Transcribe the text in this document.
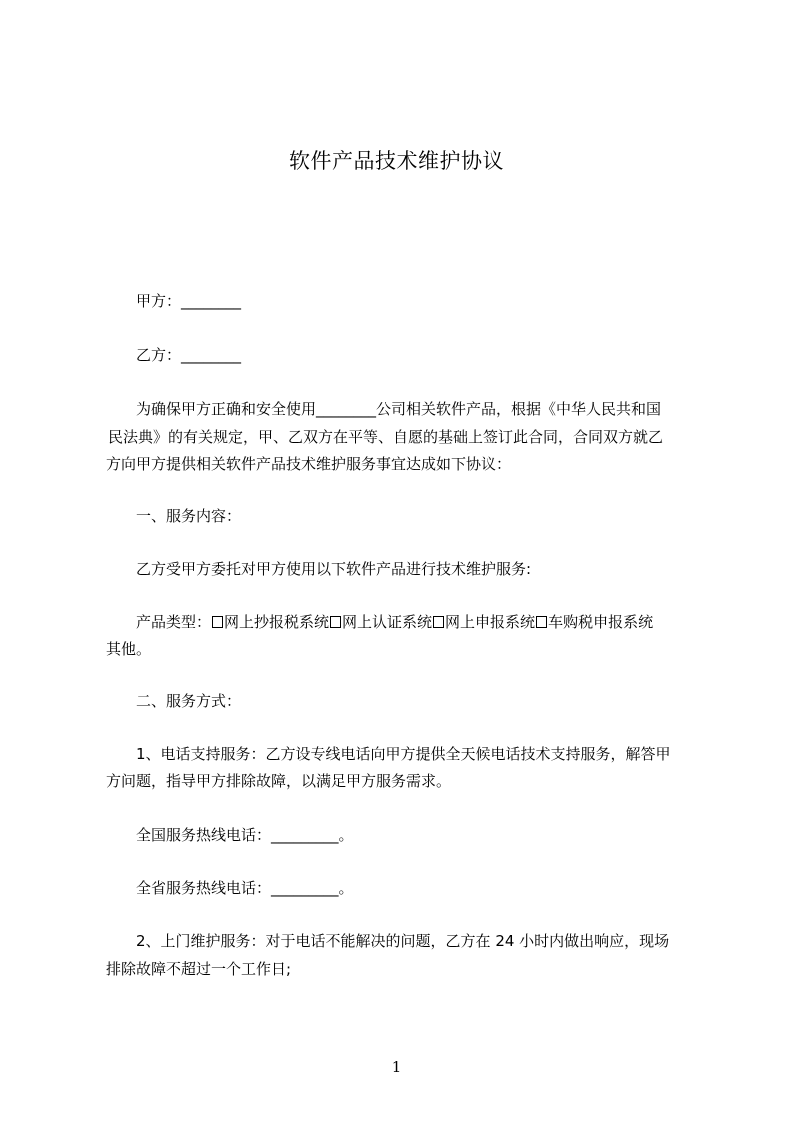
软件产品技术维护协议
甲方：________
乙方：________
为确保甲方正确和安全使用________公司相关软件产品，根据《中华人民共和国
民法典》的有关规定，甲、乙双方在平等、自愿的基础上签订此合同，合同双方就乙
方向甲方提供相关软件产品技术维护服务事宜达成如下协议：
一、服务内容：
乙方受甲方委托对甲方使用以下软件产品进行技术维护服务:
产品类型： 网上抄报税系统 网上认证系统 网上申报系统 车购税申报系统
其他。
二、服务方式：
1、电话支持服务：乙方设专线电话向甲方提供全天候电话技术支持服务，解答甲
方问题，指导甲方排除故障，以满足甲方服务需求。
全国服务热线电话：_________。
全省服务热线电话：_________。
2、上门维护服务：对于电话不能解决的问题，乙方在 24 小时内做出响应，现场
排除故障不超过一个工作日;
1
